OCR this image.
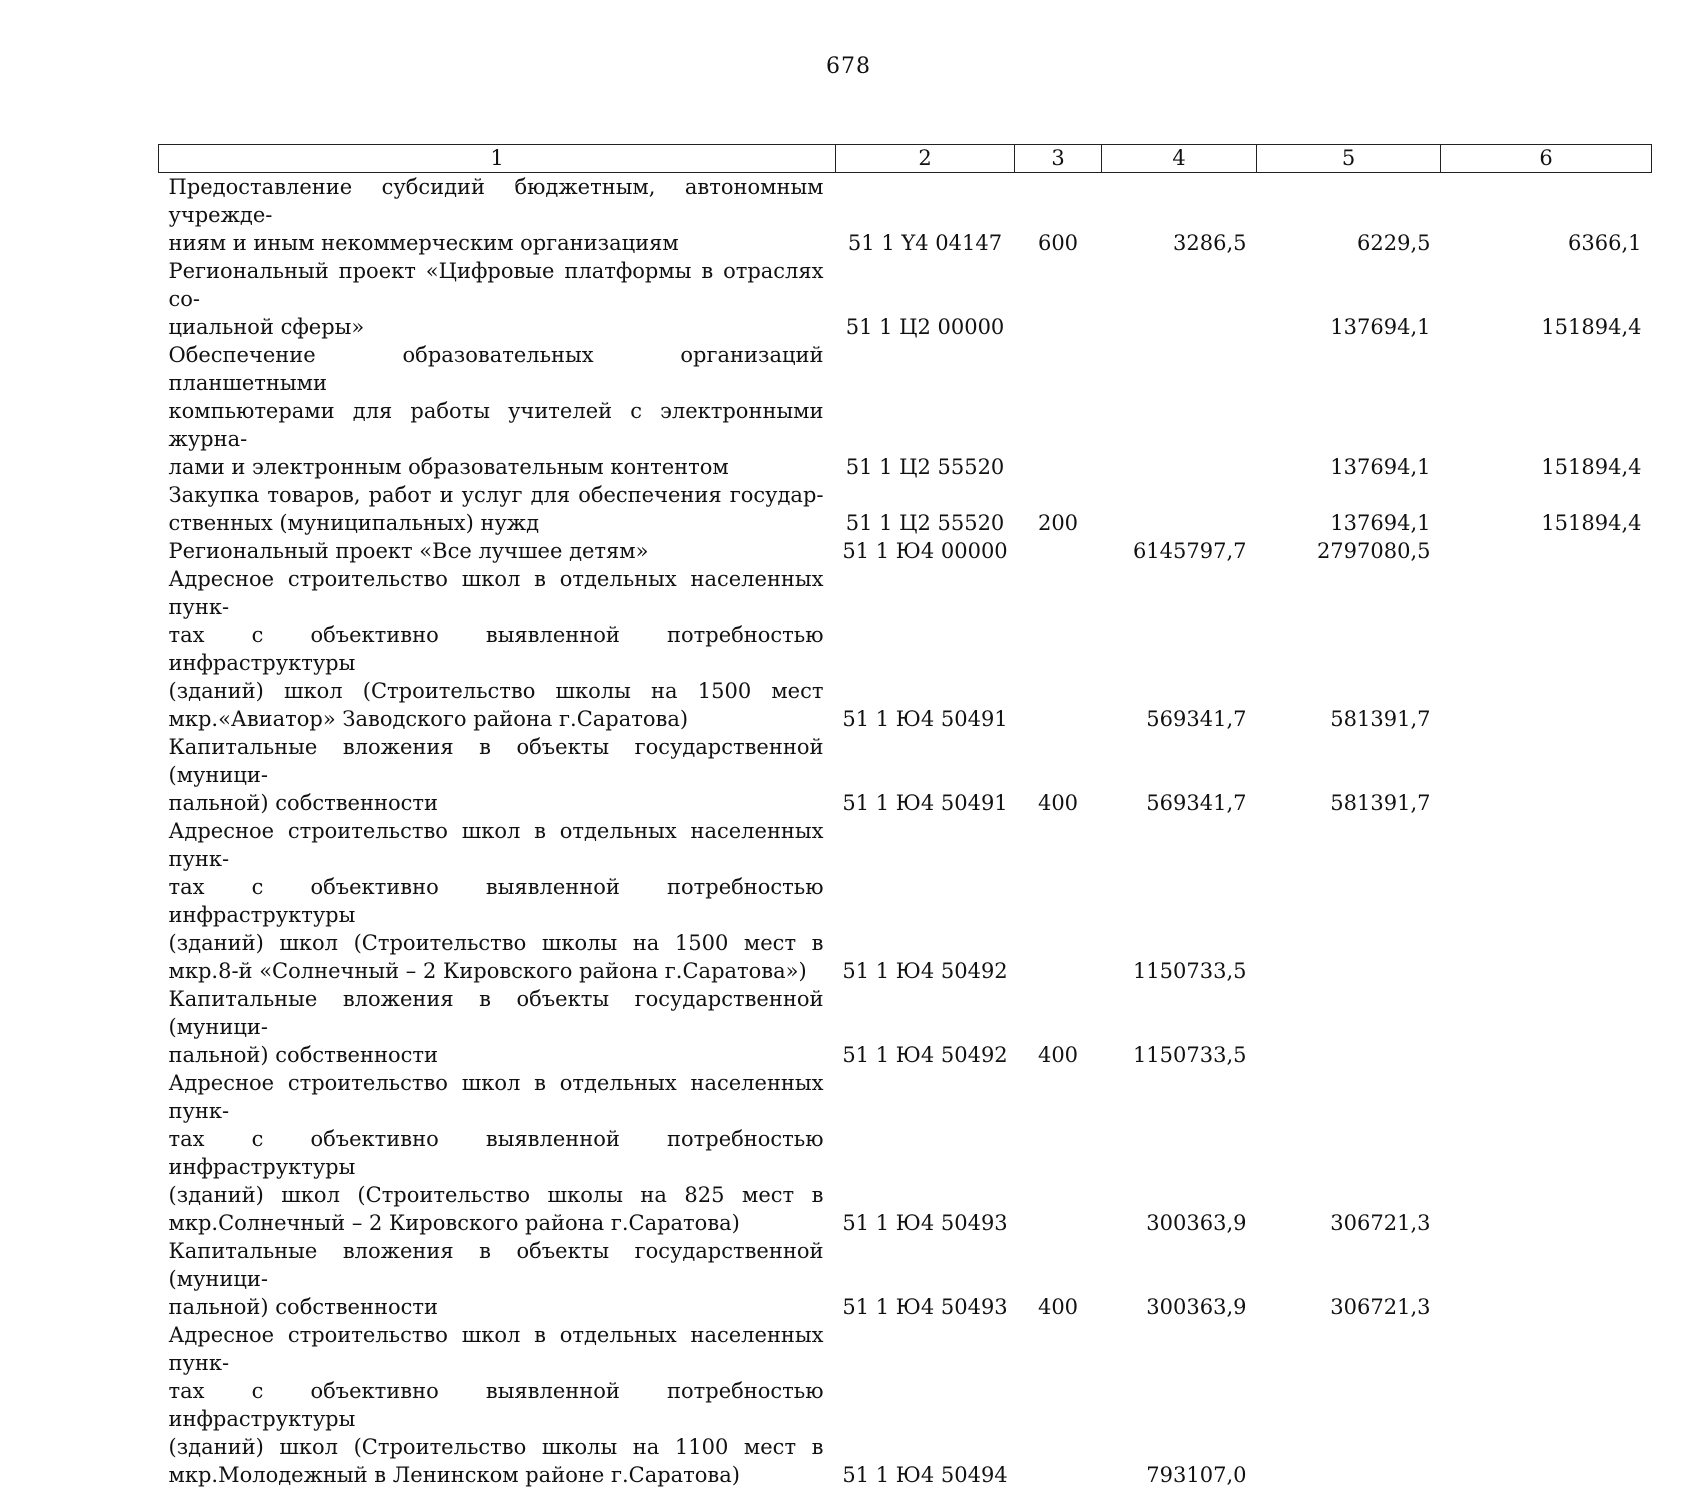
678
1	2	3	4	5	6

Предоставление субсидий бюджетным, автономным учрежде-
ниям и иным некоммерческим организациям	51 1 Y4 04147	600	3286,5	6229,5	6366,1

Региональный проект «Цифровые платформы в отраслях со-
циальной сферы»	51 1 Ц2 00000			137694,1	151894,4

Обеспечение образовательных организаций планшетными
компьютерами для работы учителей с электронными журна-
лами и электронным образовательным контентом	51 1 Ц2 55520			137694,1	151894,4

Закупка товаров, работ и услуг для обеспечения государ-
ственных (муниципальных) нужд	51 1 Ц2 55520	200		137694,1	151894,4

Региональный проект «Все лучшее детям»	51 1 Ю4 00000		6145797,7	2797080,5	

Адресное строительство школ в отдельных населенных пунк-
тах с объективно выявленной потребностью инфраструктуры
(зданий) школ (Строительство школы на 1500 мест
мкр.«Авиатор» Заводского района г.Саратова)	51 1 Ю4 50491		569341,7	581391,7	

Капитальные вложения в объекты государственной (муници-
пальной) собственности	51 1 Ю4 50491	400	569341,7	581391,7	

Адресное строительство школ в отдельных населенных пунк-
тах с объективно выявленной потребностью инфраструктуры
(зданий) школ (Строительство школы на 1500 мест в
мкр.8-й «Солнечный – 2 Кировского района г.Саратова»)	51 1 Ю4 50492		1150733,5		

Капитальные вложения в объекты государственной (муници-
пальной) собственности	51 1 Ю4 50492	400	1150733,5		

Адресное строительство школ в отдельных населенных пунк-
тах с объективно выявленной потребностью инфраструктуры
(зданий) школ (Строительство школы на 825 мест в
мкр.Солнечный – 2 Кировского района г.Саратова)	51 1 Ю4 50493		300363,9	306721,3	

Капитальные вложения в объекты государственной (муници-
пальной) собственности	51 1 Ю4 50493	400	300363,9	306721,3	

Адресное строительство школ в отдельных населенных пунк-
тах с объективно выявленной потребностью инфраструктуры
(зданий) школ (Строительство школы на 1100 мест в
мкр.Молодежный в Ленинском районе г.Саратова)	51 1 Ю4 50494		793107,0		
